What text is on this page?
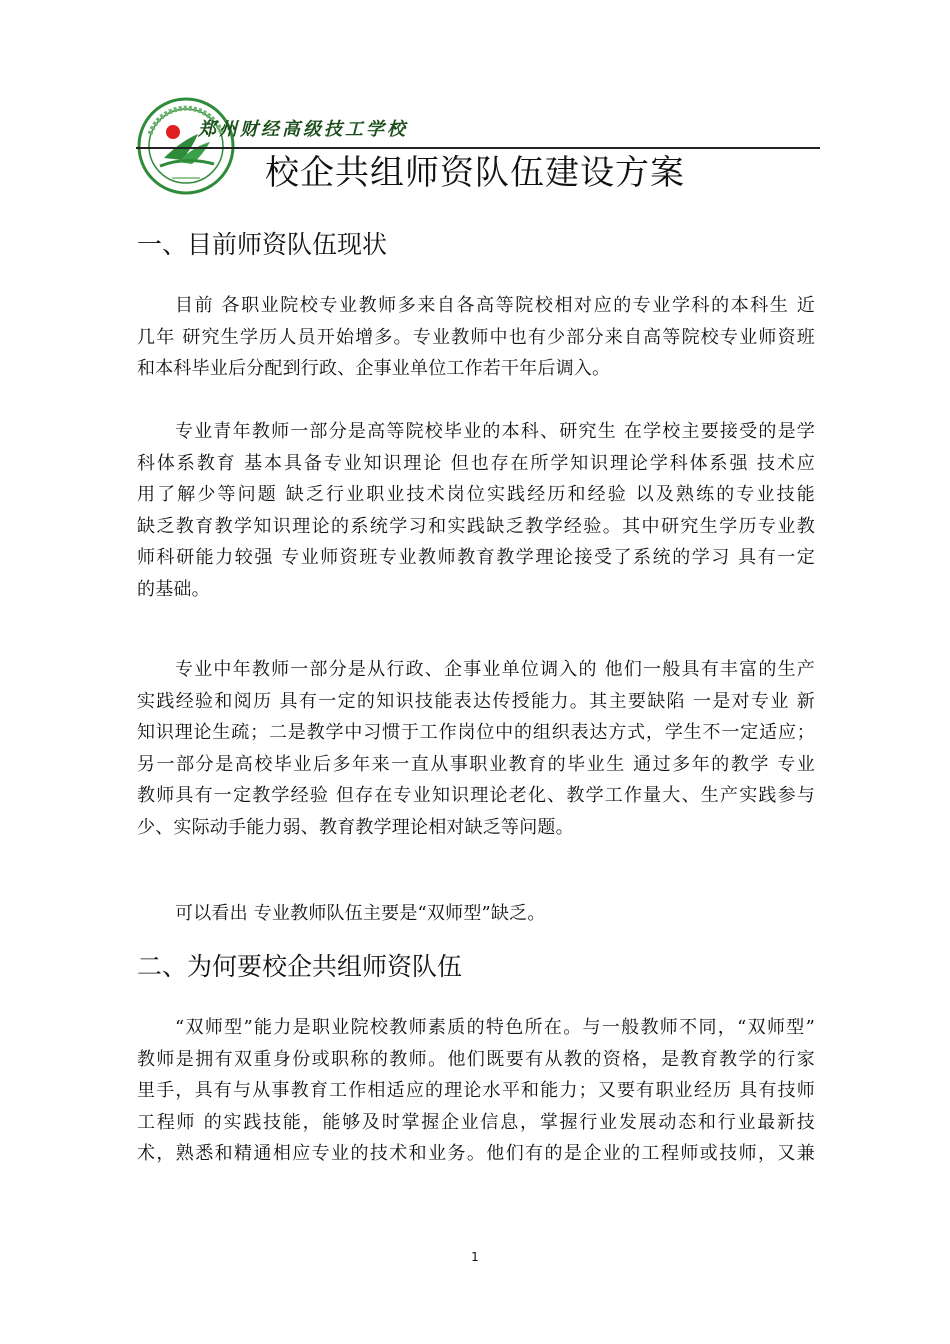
郑州财经高级技工学校
校企共组师资队伍建设方案
一、目前师资队伍现状

目前 各职业院校专业教师多来自各高等院校相对应的专业学科的本科生 近
几年 研究生学历人员开始增多。专业教师中也有少部分来自高等院校专业师资班
和本科毕业后分配到行政、企事业单位工作若干年后调入。

专业青年教师一部分是高等院校毕业的本科、研究生 在学校主要接受的是学
科体系教育 基本具备专业知识理论 但也存在所学知识理论学科体系强 技术应
用了解少等问题 缺乏行业职业技术岗位实践经历和经验 以及熟练的专业技能
缺乏教育教学知识理论的系统学习和实践缺乏教学经验。其中研究生学历专业教
师科研能力较强 专业师资班专业教师教育教学理论接受了系统的学习 具有一定
的基础。

专业中年教师一部分是从行政、企事业单位调入的 他们一般具有丰富的生产
实践经验和阅历 具有一定的知识技能表达传授能力。其主要缺陷 一是对专业 新
知识理论生疏；二是教学中习惯于工作岗位中的组织表达方式，学生不一定适应；
另一部分是高校毕业后多年来一直从事职业教育的毕业生 通过多年的教学 专业
教师具有一定教学经验 但存在专业知识理论老化、教学工作量大、生产实践参与
少、实际动手能力弱、教育教学理论相对缺乏等问题。

可以看出 专业教师队伍主要是“双师型”缺乏。

二、为何要校企共组师资队伍

“双师型”能力是职业院校教师素质的特色所在。与一般教师不同，“双师型”
教师是拥有双重身份或职称的教师。他们既要有从教的资格，是教育教学的行家
里手，具有与从事教育工作相适应的理论水平和能力；又要有职业经历 具有技师
工程师 的实践技能，能够及时掌握企业信息，掌握行业发展动态和行业最新技
术，熟悉和精通相应专业的技术和业务。他们有的是企业的工程师或技师，又兼

1
